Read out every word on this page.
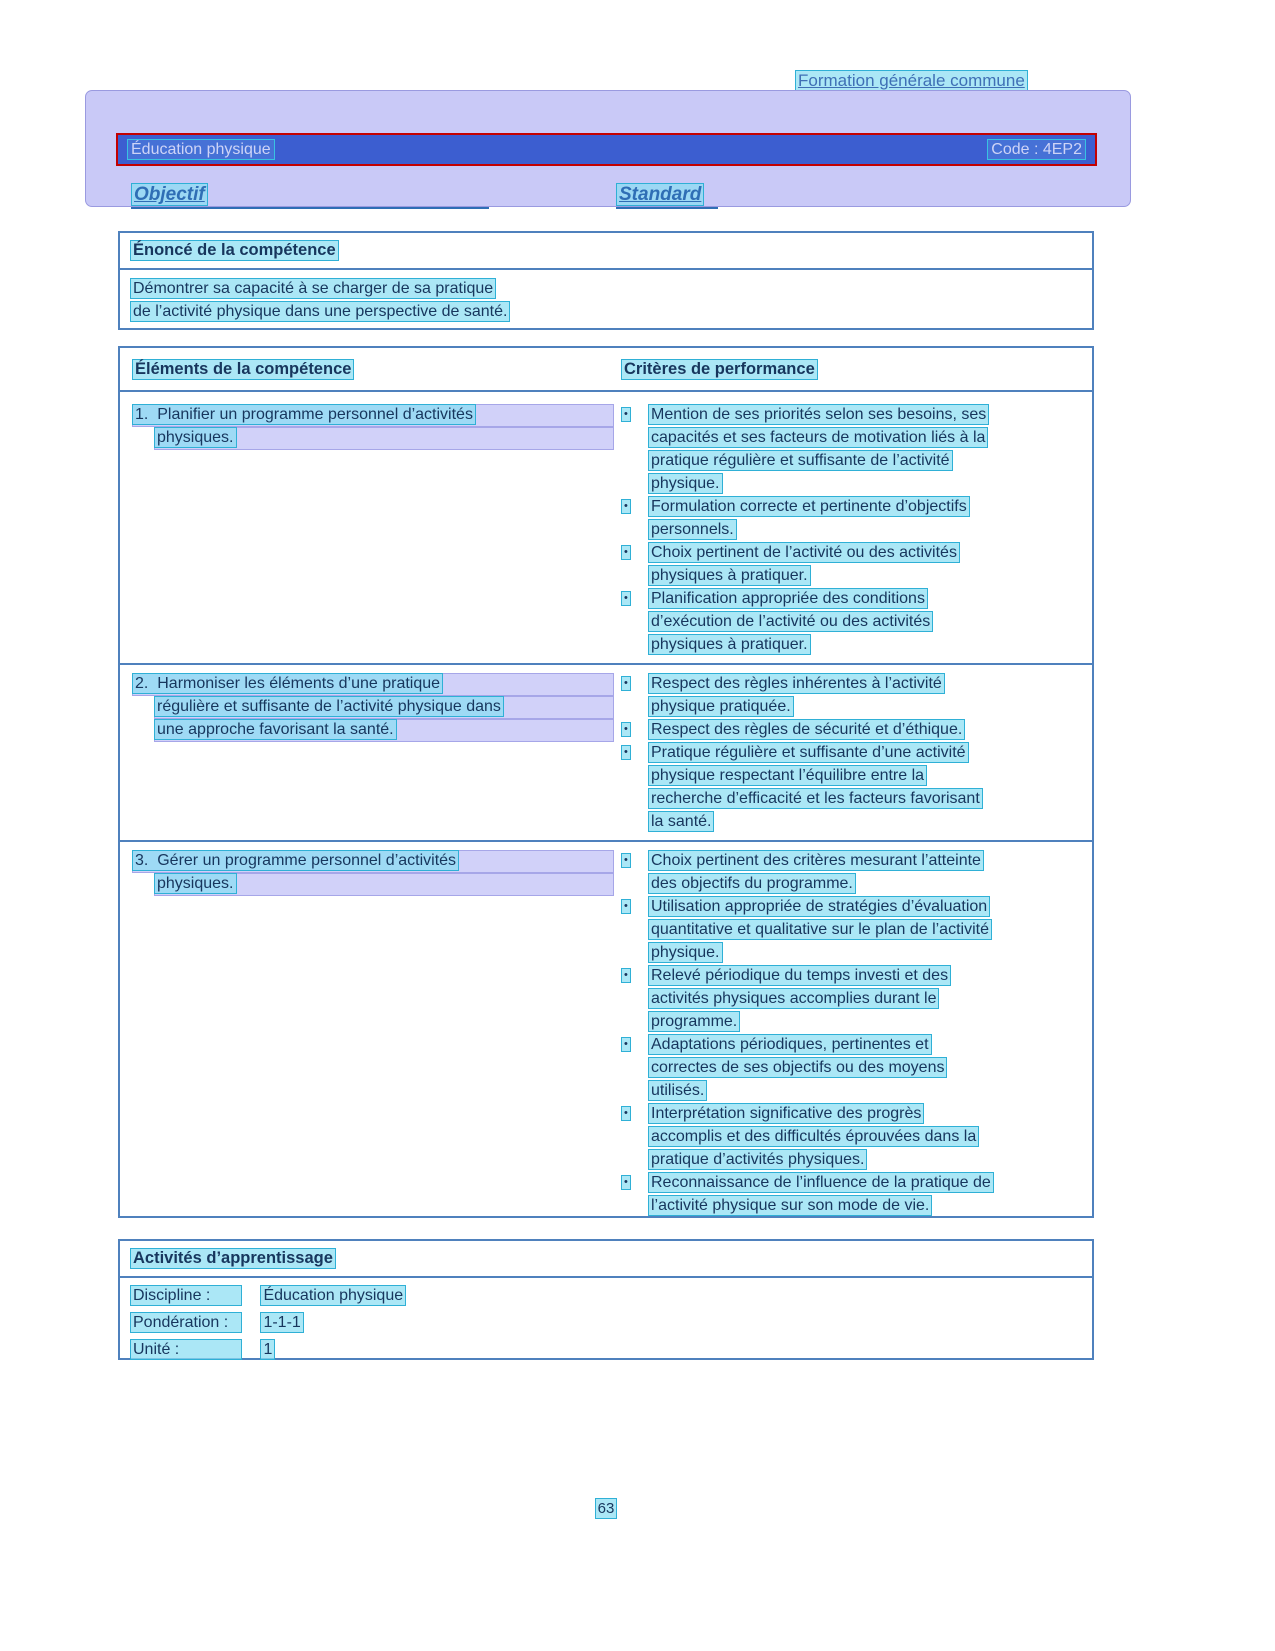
Formation générale commune
Éducation physique	Code : 4EP2
Objectif	Standard
Énoncé de la compétence
Démontrer sa capacité à se charger de sa pratique
de l’activité physique dans une perspective de santé.
Éléments de la compétence	Critères de performance
1.  Planifier un programme personnel d’activités
physiques.
• Mention de ses priorités selon ses besoins, ses
capacités et ses facteurs de motivation liés à la
pratique régulière et suffisante de l’activité
physique.
• Formulation correcte et pertinente d’objectifs
personnels.
• Choix pertinent de l’activité ou des activités
physiques à pratiquer.
• Planification appropriée des conditions
d’exécution de l’activité ou des activités
physiques à pratiquer.
2.  Harmoniser les éléments d’une pratique
régulière et suffisante de l’activité physique dans
une approche favorisant la santé.
• Respect des règles inhérentes à l’activité
physique pratiquée.
• Respect des règles de sécurité et d’éthique.
• Pratique régulière et suffisante d’une activité
physique respectant l’équilibre entre la
recherche d’efficacité et les facteurs favorisant
la santé.
3.  Gérer un programme personnel d’activités
physiques.
• Choix pertinent des critères mesurant l’atteinte
des objectifs du programme.
• Utilisation appropriée de stratégies d’évaluation
quantitative et qualitative sur le plan de l’activité
physique.
• Relevé périodique du temps investi et des
activités physiques accomplies durant le
programme.
• Adaptations périodiques, pertinentes et
correctes de ses objectifs ou des moyens
utilisés.
• Interprétation significative des progrès
accomplis et des difficultés éprouvées dans la
pratique d’activités physiques.
• Reconnaissance de l’influence de la pratique de
l’activité physique sur son mode de vie.
Activités d’apprentissage
Discipline :	Éducation physique
Pondération : 1-1-1
Unité :	1
63
